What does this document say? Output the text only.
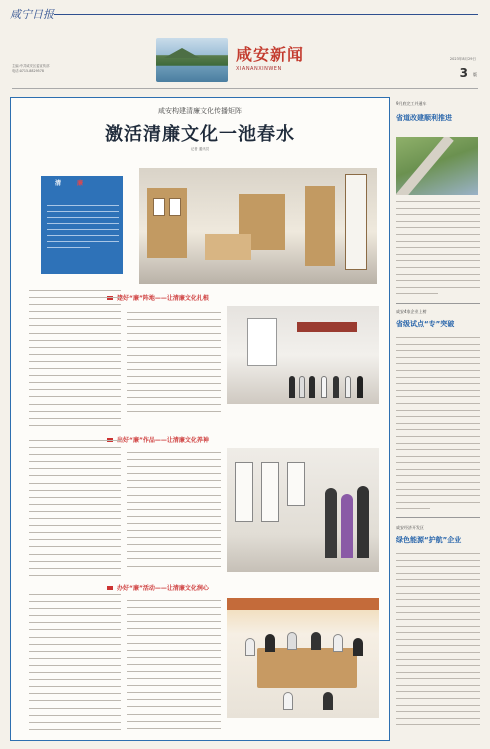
咸宁日报
主编:中共咸安区委宣传部
电话:0715-8829578
咸安新闻
XIANANXINWEN
2023年8月29日
3 版
咸安构建清廉文化传播矩阵
激活清廉文化一池春水
记者 通讯员
清	廉
建好“廉”阵地——让清廉文化扎根
出好“廉”作品——让清廉文化养神
办好“廉”活动——让清廉文化润心
9月底完工并通车
省道改建顺利推进
咸安4家企业上榜
省级试点“专”突破
咸安经济开发区
绿色能源“护航”企业
